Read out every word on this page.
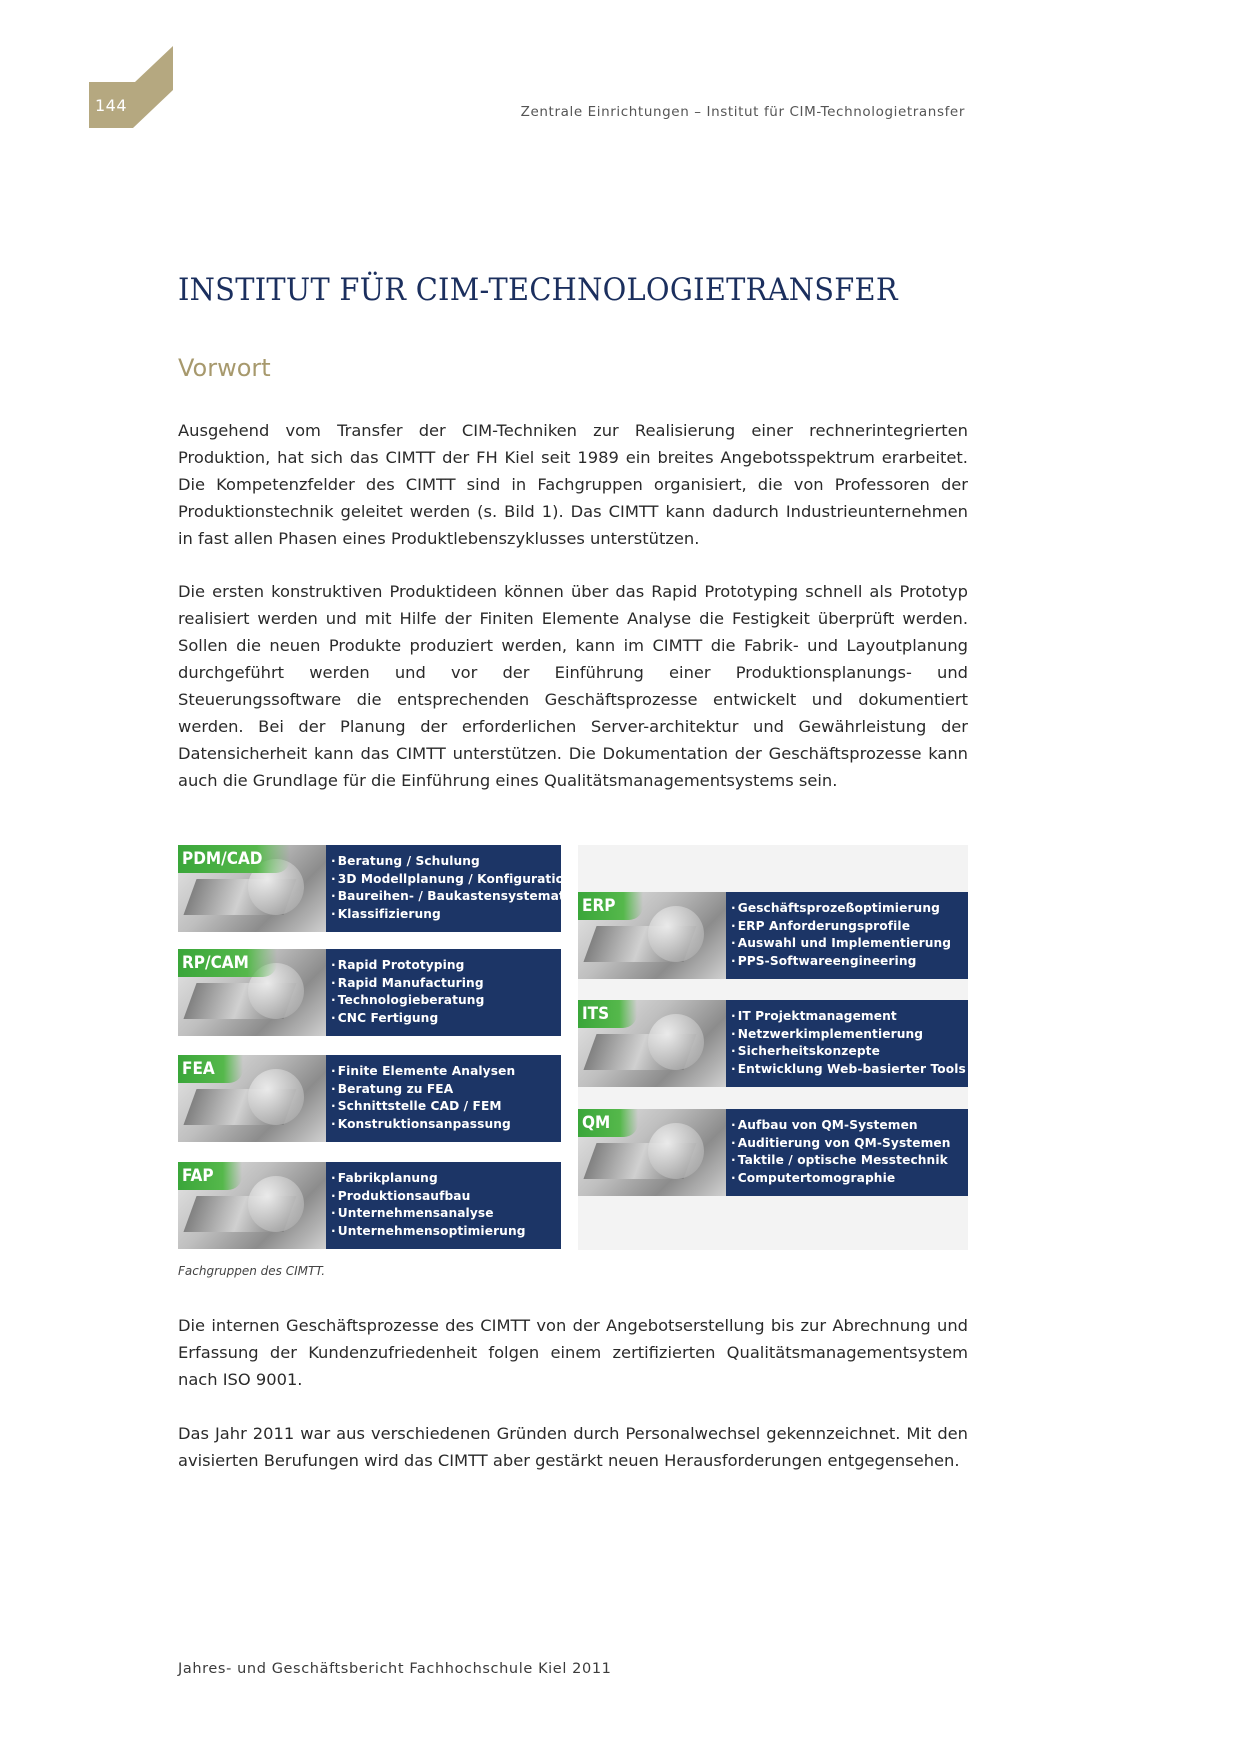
144	Zentrale Einrichtungen – Institut für CIM-Technologietransfer
INSTITUT FÜR CIM-TECHNOLOGIETRANSFER
Vorwort

Ausgehend vom Transfer der CIM-Techniken zur Realisierung einer rechnerintegrierten Produktion, hat sich das CIMTT der FH Kiel seit 1989 ein breites Angebotsspektrum erarbeitet. Die Kompetenzfelder des CIMTT sind in Fachgruppen organisiert, die von Professoren der Produktionstechnik geleitet werden (s. Bild 1). Das CIMTT kann dadurch Industrieunternehmen in fast allen Phasen eines Produktlebenszyklusses unterstützen.

Die ersten konstruktiven Produktideen können über das Rapid Prototyping schnell als Prototyp realisiert werden und mit Hilfe der Finiten Elemente Analyse die Festigkeit überprüft werden. Sollen die neuen Produkte produziert werden, kann im CIMTT die Fabrik- und Layoutplanung durchgeführt werden und vor der Einführung einer Produktionsplanungs- und Steuerungssoftware die entsprechenden Geschäftsprozesse entwickelt und dokumentiert werden. Bei der Planung der erforderlichen Server-architektur und Gewährleistung der Datensicherheit kann das CIMTT unterstützen. Die Dokumentation der Geschäftsprozesse kann auch die Grundlage für die Einführung eines Qualitätsmanagementsystems sein.

PDM/CAD	· Beratung / Schulung
· 3D Modellplanung / Konfiguration
· Baureihen- / Baukastensystematik
· Klassifizierung
RP/CAM	· Rapid Prototyping
· Rapid Manufacturing
· Technologieberatung
· CNC Fertigung
FEA	· Finite Elemente Analysen
· Beratung zu FEA
· Schnittstelle CAD / FEM
· Konstruktionsanpassung
FAP	· Fabrikplanung
· Produktionsaufbau
· Unternehmensanalyse
· Unternehmensoptimierung
ERP	· Geschäftsprozeßoptimierung
· ERP Anforderungsprofile
· Auswahl und Implementierung
· PPS-Softwareengineering
ITS	· IT Projektmanagement
· Netzwerkimplementierung
· Sicherheitskonzepte
· Entwicklung Web-basierter Tools
QM	· Aufbau von QM-Systemen
· Auditierung von QM-Systemen
· Taktile / optische Messtechnik
· Computertomographie

Fachgruppen des CIMTT.

Die internen Geschäftsprozesse des CIMTT von der Angebotserstellung bis zur Abrechnung und Erfassung der Kundenzufriedenheit folgen einem zertifizierten Qualitätsmanagementsystem nach ISO 9001.

Das Jahr 2011 war aus verschiedenen Gründen durch Personalwechsel gekennzeichnet. Mit den avisierten Berufungen wird das CIMTT aber gestärkt neuen Herausforderungen entgegensehen.

Jahres- und Geschäftsbericht Fachhochschule Kiel 2011
